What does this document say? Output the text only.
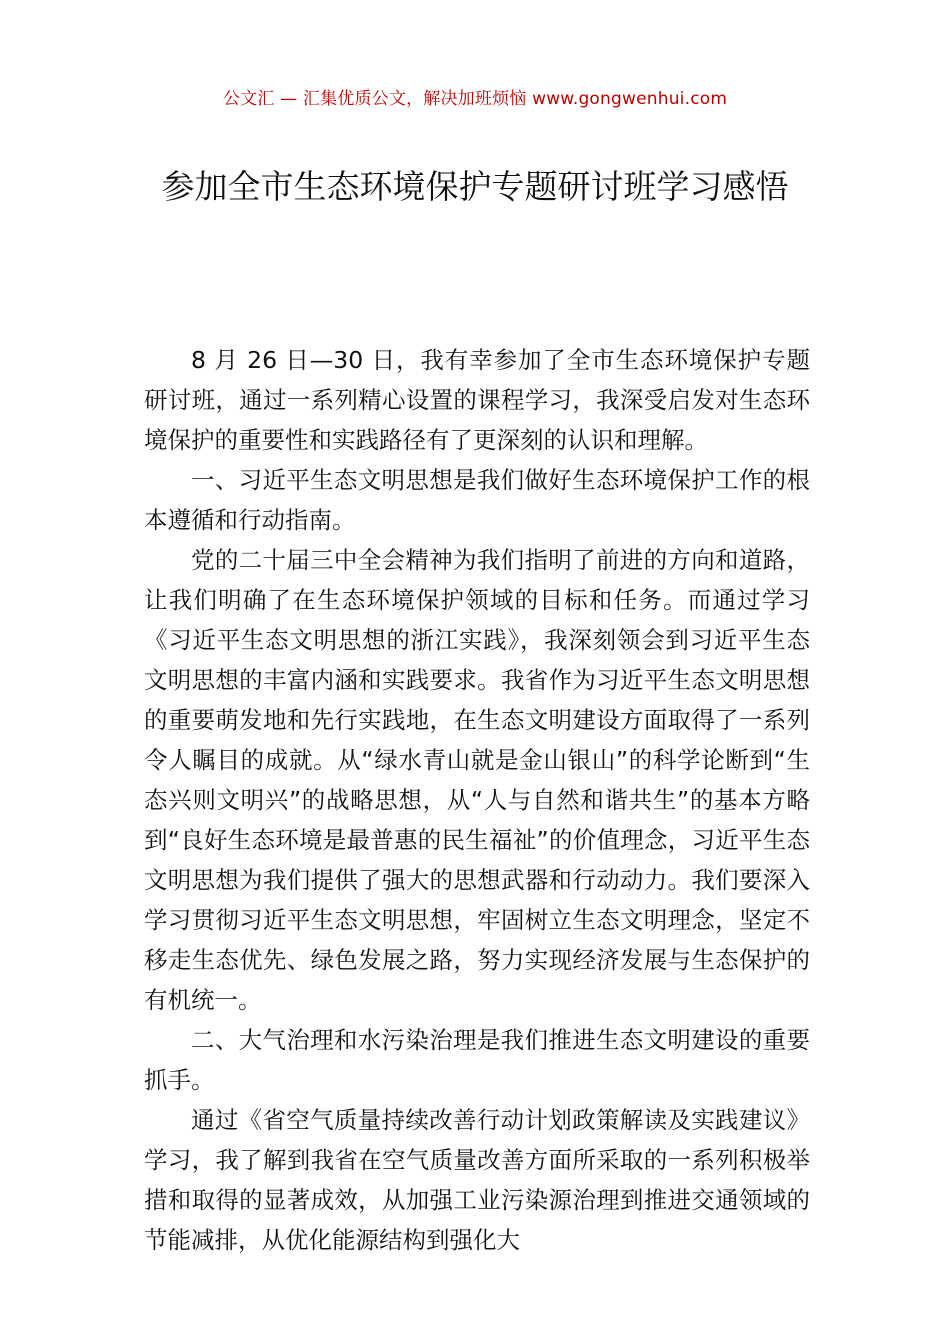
公文汇 — 汇集优质公文，解决加班烦恼 www.gongwenhui.com
参加全市生态环境保护专题研讨班学习感悟

8 月 26 日—30 日，我有幸参加了全市生态环境保护专题研讨班，通过一系列精心设置的课程学习，我深受启发对生态环境保护的重要性和实践路径有了更深刻的认识和理解。

一、习近平生态文明思想是我们做好生态环境保护工作的根本遵循和行动指南。

党的二十届三中全会精神为我们指明了前进的方向和道路，让我们明确了在生态环境保护领域的目标和任务。而通过学习《习近平生态文明思想的浙江实践》，我深刻领会到习近平生态文明思想的丰富内涵和实践要求。我省作为习近平生态文明思想的重要萌发地和先行实践地，在生态文明建设方面取得了一系列令人瞩目的成就。从“绿水青山就是金山银山”的科学论断到“生态兴则文明兴”的战略思想，从“人与自然和谐共生”的基本方略到“良好生态环境是最普惠的民生福祉”的价值理念，习近平生态文明思想为我们提供了强大的思想武器和行动动力。我们要深入学习贯彻习近平生态文明思想，牢固树立生态文明理念，坚定不移走生态优先、绿色发展之路，努力实现经济发展与生态保护的有机统一。

二、大气治理和水污染治理是我们推进生态文明建设的重要抓手。

通过《省空气质量持续改善行动计划政策解读及实践建议》学习，我了解到我省在空气质量改善方面所采取的一系列积极举措和取得的显著成效，从加强工业污染源治理到推进交通领域的节能减排，从优化能源结构到强化大
